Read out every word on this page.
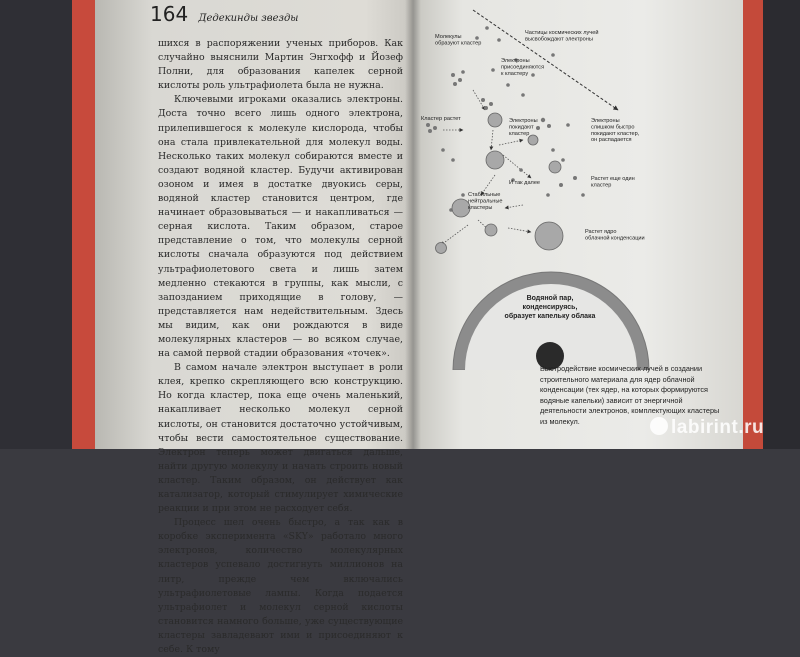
164 Дедекинды звезды

шихся в распоряжении ученых приборов. Как случайно выяснили Мартин Энгхофф и Йозеф Полни, для образования капелек серной кислоты роль ультрафиолета была не нужна.

Ключевыми игроками оказались электроны. Доста точно всего лишь одного электрона, прилепившегося к молекуле кислорода, чтобы она стала привлекательной для молекул воды. Несколько таких молекул собираются вместе и создают водяной кластер. Будучи активирован озоном и имея в достатке двуокись серы, водяной кластер становится центром, где начинает образовываться — и накапливаться — серная кислота. Таким образом, старое представление о том, что молекулы серной кислоты сначала образуются под действием ультрафиолетового света и лишь затем медленно стекаются в группы, как мысли, с запозданием приходящие в голову, — представляется нам недействительным. Здесь мы видим, как они рождаются в виде молекулярных кластеров — во всяком случае, на самой первой стадии образования «точек».

В самом начале электрон выступает в роли клея, крепко скрепляющего всю конструкцию. Но когда кластер, пока еще очень маленький, накапливает несколько молекул серной кислоты, он становится достаточно устойчивым, чтобы вести самостоятельное существование. Электрон теперь может двигаться дальше, найти другую молекулу и начать строить новый кластер. Таким образом, он действует как катализатор, который стимулирует химические реакции и при этом не расходует себя.

Процесс шел очень быстро, а так как в коробке эксперимента «SKY» работало много электронов, количество молекулярных кластеров успевало достигнуть миллионов на литр, прежде чем включались ультрафиолетовые лампы. Когда подается ультрафиолет и молекул серной кислоты становится намного больше, уже существующие кластеры завладевают ими и присоединяют к себе. К тому

Молекулы образуют кластер
Частицы космических лучей высвобождают электроны
Электроны присоединяются к кластеру
Кластер растет	Электроны покидают кластер
Электроны слишком быстро покидают кластер, он распадается
И так далее
Растет еще один кластер
Стабильные нейтральные кластеры
Растет ядро облачной конденсации
Водяной пар, конденсируясь, образует капельку облака
Быстродействие космических лучей в создании строительного материала для ядер облачной конденсации (тех ядер, на которых формируются водяные капельки) зависит от энергичной деятельности электронов, комплектующих кластеры из молекул.	labirint.ru
